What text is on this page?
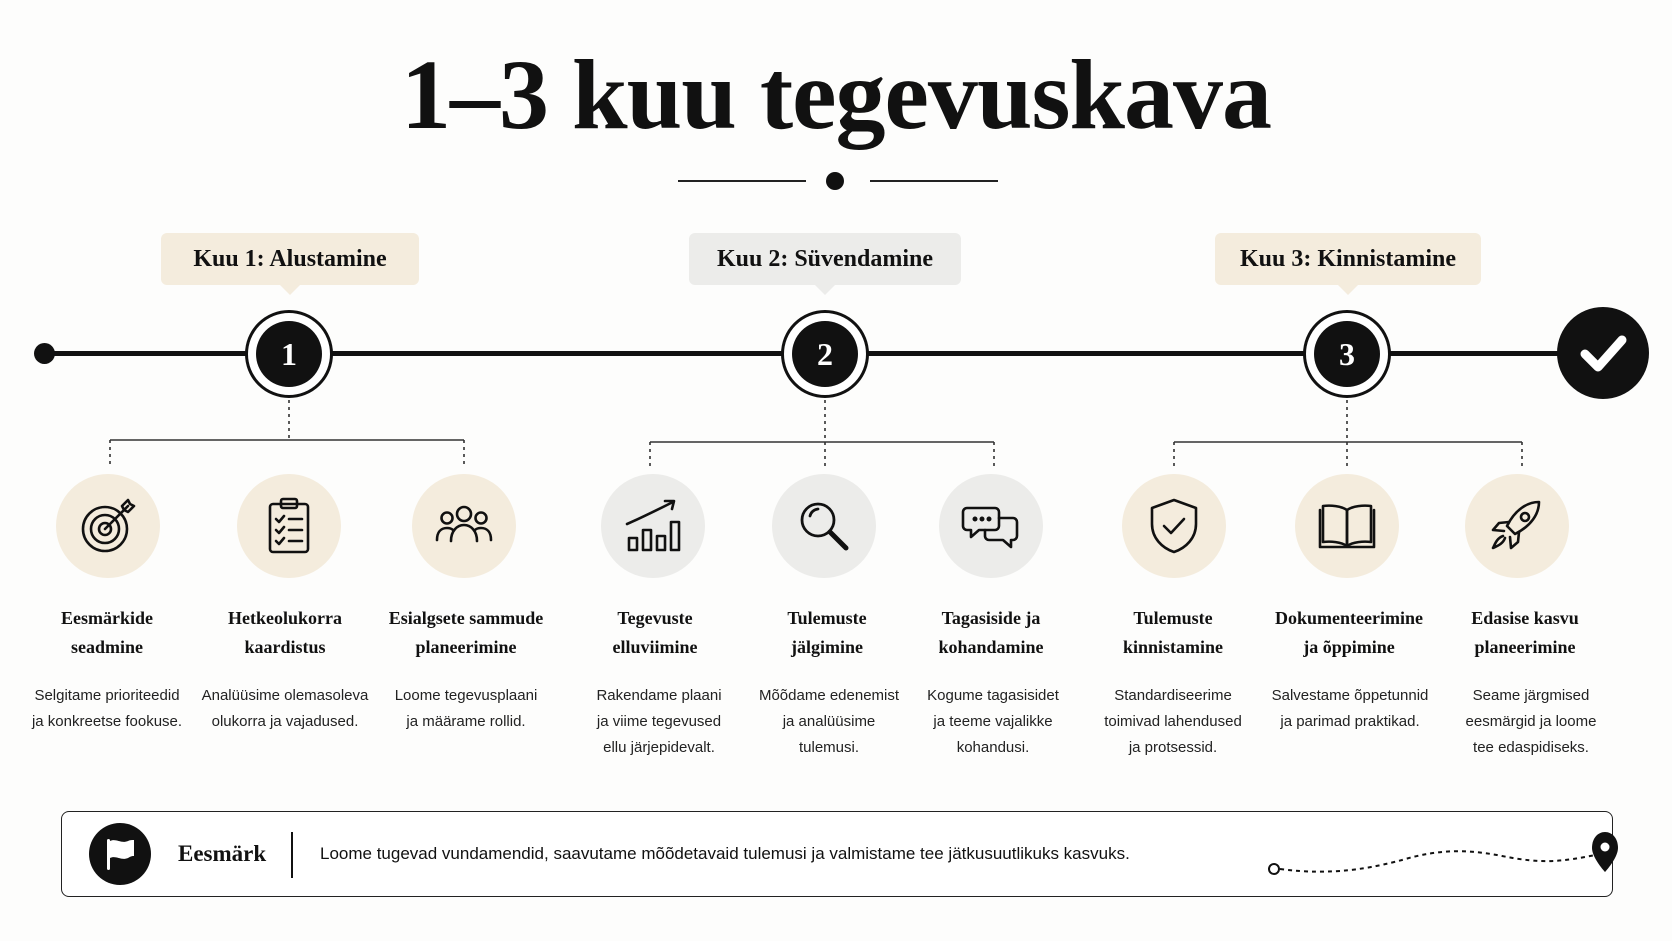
1–3 kuu tegevuskava
Kuu 1: Alustamine	Kuu 2: Süvendamine	Kuu 3: Kinnistamine
1	2	3
Eesmärkide
seadmine
Hetkeolukorra
kaardistus
Esialgsete sammude
planeerimine
Tegevuste
elluviimine
Tulemuste
jälgimine
Tagasiside ja
kohandamine
Tulemuste
kinnistamine
Dokumenteerimine
ja õppimine
Edasise kasvu
planeerimine
Selgitame prioriteedid
ja konkreetse fookuse.
Analüüsime olemasoleva
olukorra ja vajadused.
Loome tegevusplaani
ja määrame rollid.
Rakendame plaani
ja viime tegevused
ellu järjepidevalt.
Mõõdame edenemist
ja analüüsime
tulemusi.
Kogume tagasisidet
ja teeme vajalikke
kohandusi.
Standardiseerime
toimivad lahendused
ja protsessid.
Salvestame õppetunnid
ja parimad praktikad.
Seame järgmised
eesmärgid ja loome
tee edaspidiseks.
Eesmärk	Loome tugevad vundamendid, saavutame mõõdetavaid tulemusi ja valmistame tee jätkusuutlikuks kasvuks.
